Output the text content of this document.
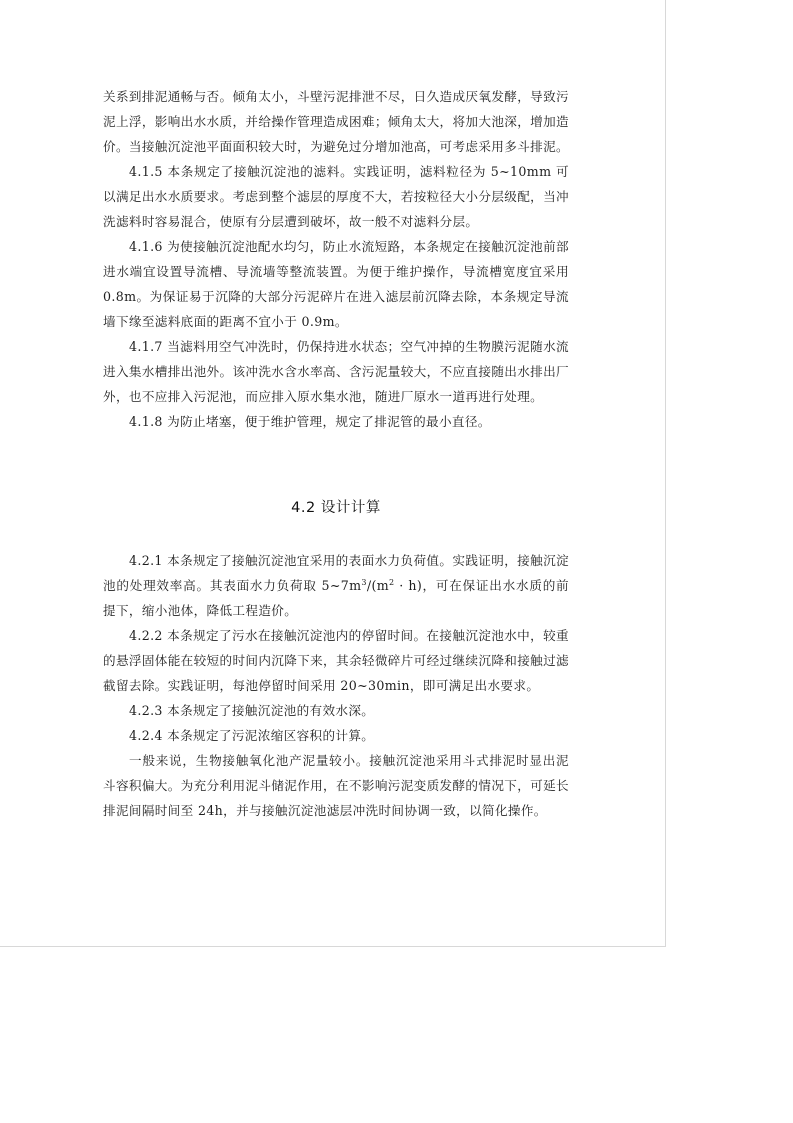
关系到排泥通畅与否。倾角太小，斗壁污泥排泄不尽，日久造成厌氧发酵，导致污泥上浮，影响出水水质，并给操作管理造成困难；倾角太大，将加大池深，增加造价。当接触沉淀池平面面积较大时，为避免过分增加池高，可考虑采用多斗排泥。

4.1.5 本条规定了接触沉淀池的滤料。实践证明，滤料粒径为 5~10mm 可以满足出水水质要求。考虑到整个滤层的厚度不大，若按粒径大小分层级配，当冲洗滤料时容易混合，使原有分层遭到破坏，故一般不对滤料分层。

4.1.6 为使接触沉淀池配水均匀，防止水流短路，本条规定在接触沉淀池前部进水端宜设置导流槽、导流墙等整流装置。为便于维护操作，导流槽宽度宜采用 0.8m。为保证易于沉降的大部分污泥碎片在进入滤层前沉降去除，本条规定导流墙下缘至滤料底面的距离不宜小于 0.9m。

4.1.7 当滤料用空气冲洗时，仍保持进水状态；空气冲掉的生物膜污泥随水流进入集水槽排出池外。该冲洗水含水率高、含污泥量较大，不应直接随出水排出厂外，也不应排入污泥池，而应排入原水集水池，随进厂原水一道再进行处理。

4.1.8 为防止堵塞，便于维护管理，规定了排泥管的最小直径。

4.2 设计计算

4.2.1 本条规定了接触沉淀池宜采用的表面水力负荷值。实践证明，接触沉淀池的处理效率高。其表面水力负荷取 $5\sim 7m^3/(m^2 \cdot h)$，可在保证出水水质的前提下，缩小池体，降低工程造价。

4.2.2 本条规定了污水在接触沉淀池内的停留时间。在接触沉淀池水中，较重的悬浮固体能在较短的时间内沉降下来，其余轻微碎片可经过继续沉降和接触过滤截留去除。实践证明，每池停留时间采用 20~30min，即可满足出水要求。

4.2.3 本条规定了接触沉淀池的有效水深。

4.2.4 本条规定了污泥浓缩区容积的计算。

一般来说，生物接触氧化池产泥量较小。接触沉淀池采用斗式排泥时显出泥斗容积偏大。为充分利用泥斗储泥作用，在不影响污泥变质发酵的情况下，可延长排泥间隔时间至 24h，并与接触沉淀池滤层冲洗时间协调一致，以简化操作。
